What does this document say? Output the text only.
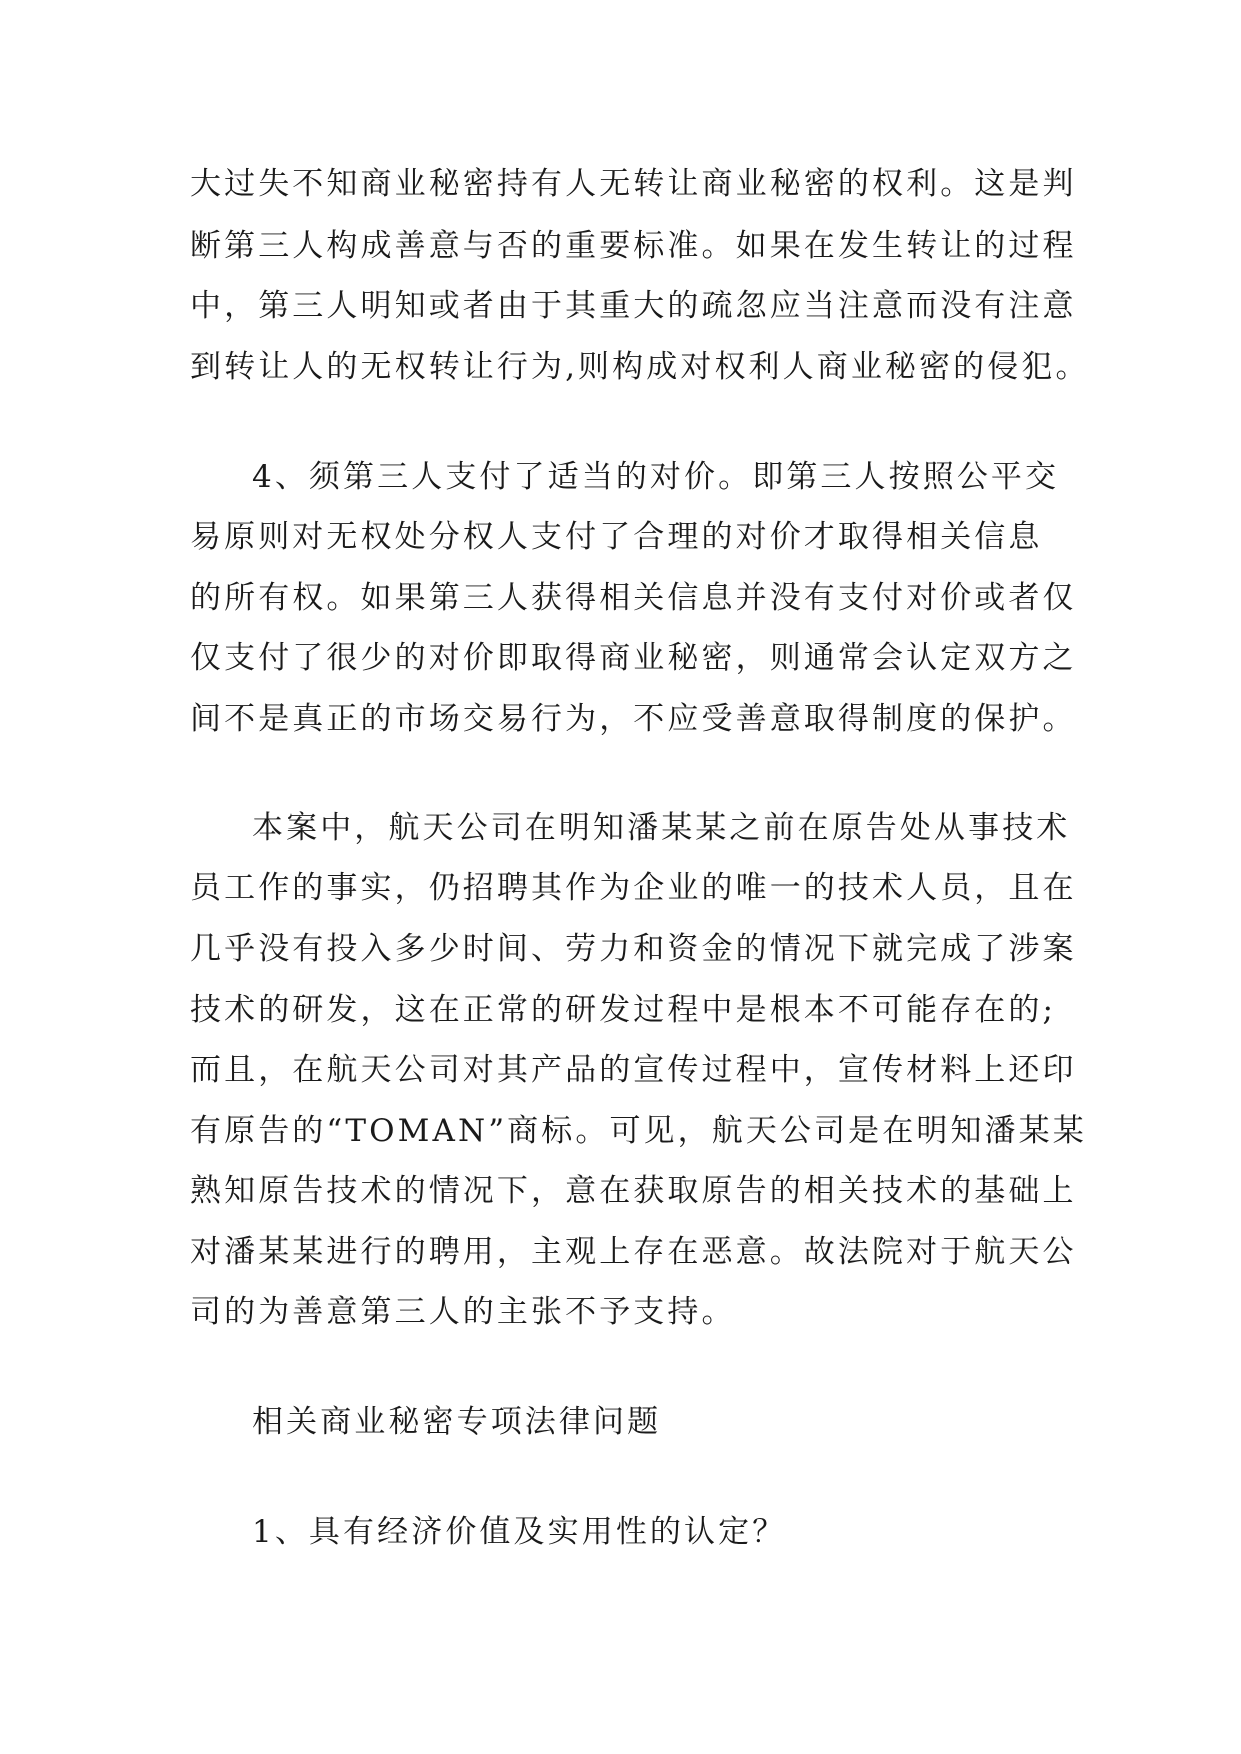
大过失不知商业秘密持有人无转让商业秘密的权利。这是判
断第三人构成善意与否的重要标准。如果在发生转让的过程
中，第三人明知或者由于其重大的疏忽应当注意而没有注意
到转让人的无权转让行为,则构成对权利人商业秘密的侵犯。
4、须第三人支付了适当的对价。即第三人按照公平交
易原则对无权处分权人支付了合理的对价才取得相关信息
的所有权。如果第三人获得相关信息并没有支付对价或者仅
仅支付了很少的对价即取得商业秘密，则通常会认定双方之
间不是真正的市场交易行为，不应受善意取得制度的保护。
本案中，航天公司在明知潘某某之前在原告处从事技术
员工作的事实，仍招聘其作为企业的唯一的技术人员，且在
几乎没有投入多少时间、劳力和资金的情况下就完成了涉案
技术的研发，这在正常的研发过程中是根本不可能存在的;
而且，在航天公司对其产品的宣传过程中，宣传材料上还印
有原告的“TOMAN”商标。可见，航天公司是在明知潘某某
熟知原告技术的情况下，意在获取原告的相关技术的基础上
对潘某某进行的聘用，主观上存在恶意。故法院对于航天公
司的为善意第三人的主张不予支持。
相关商业秘密专项法律问题
1、具有经济价值及实用性的认定？
